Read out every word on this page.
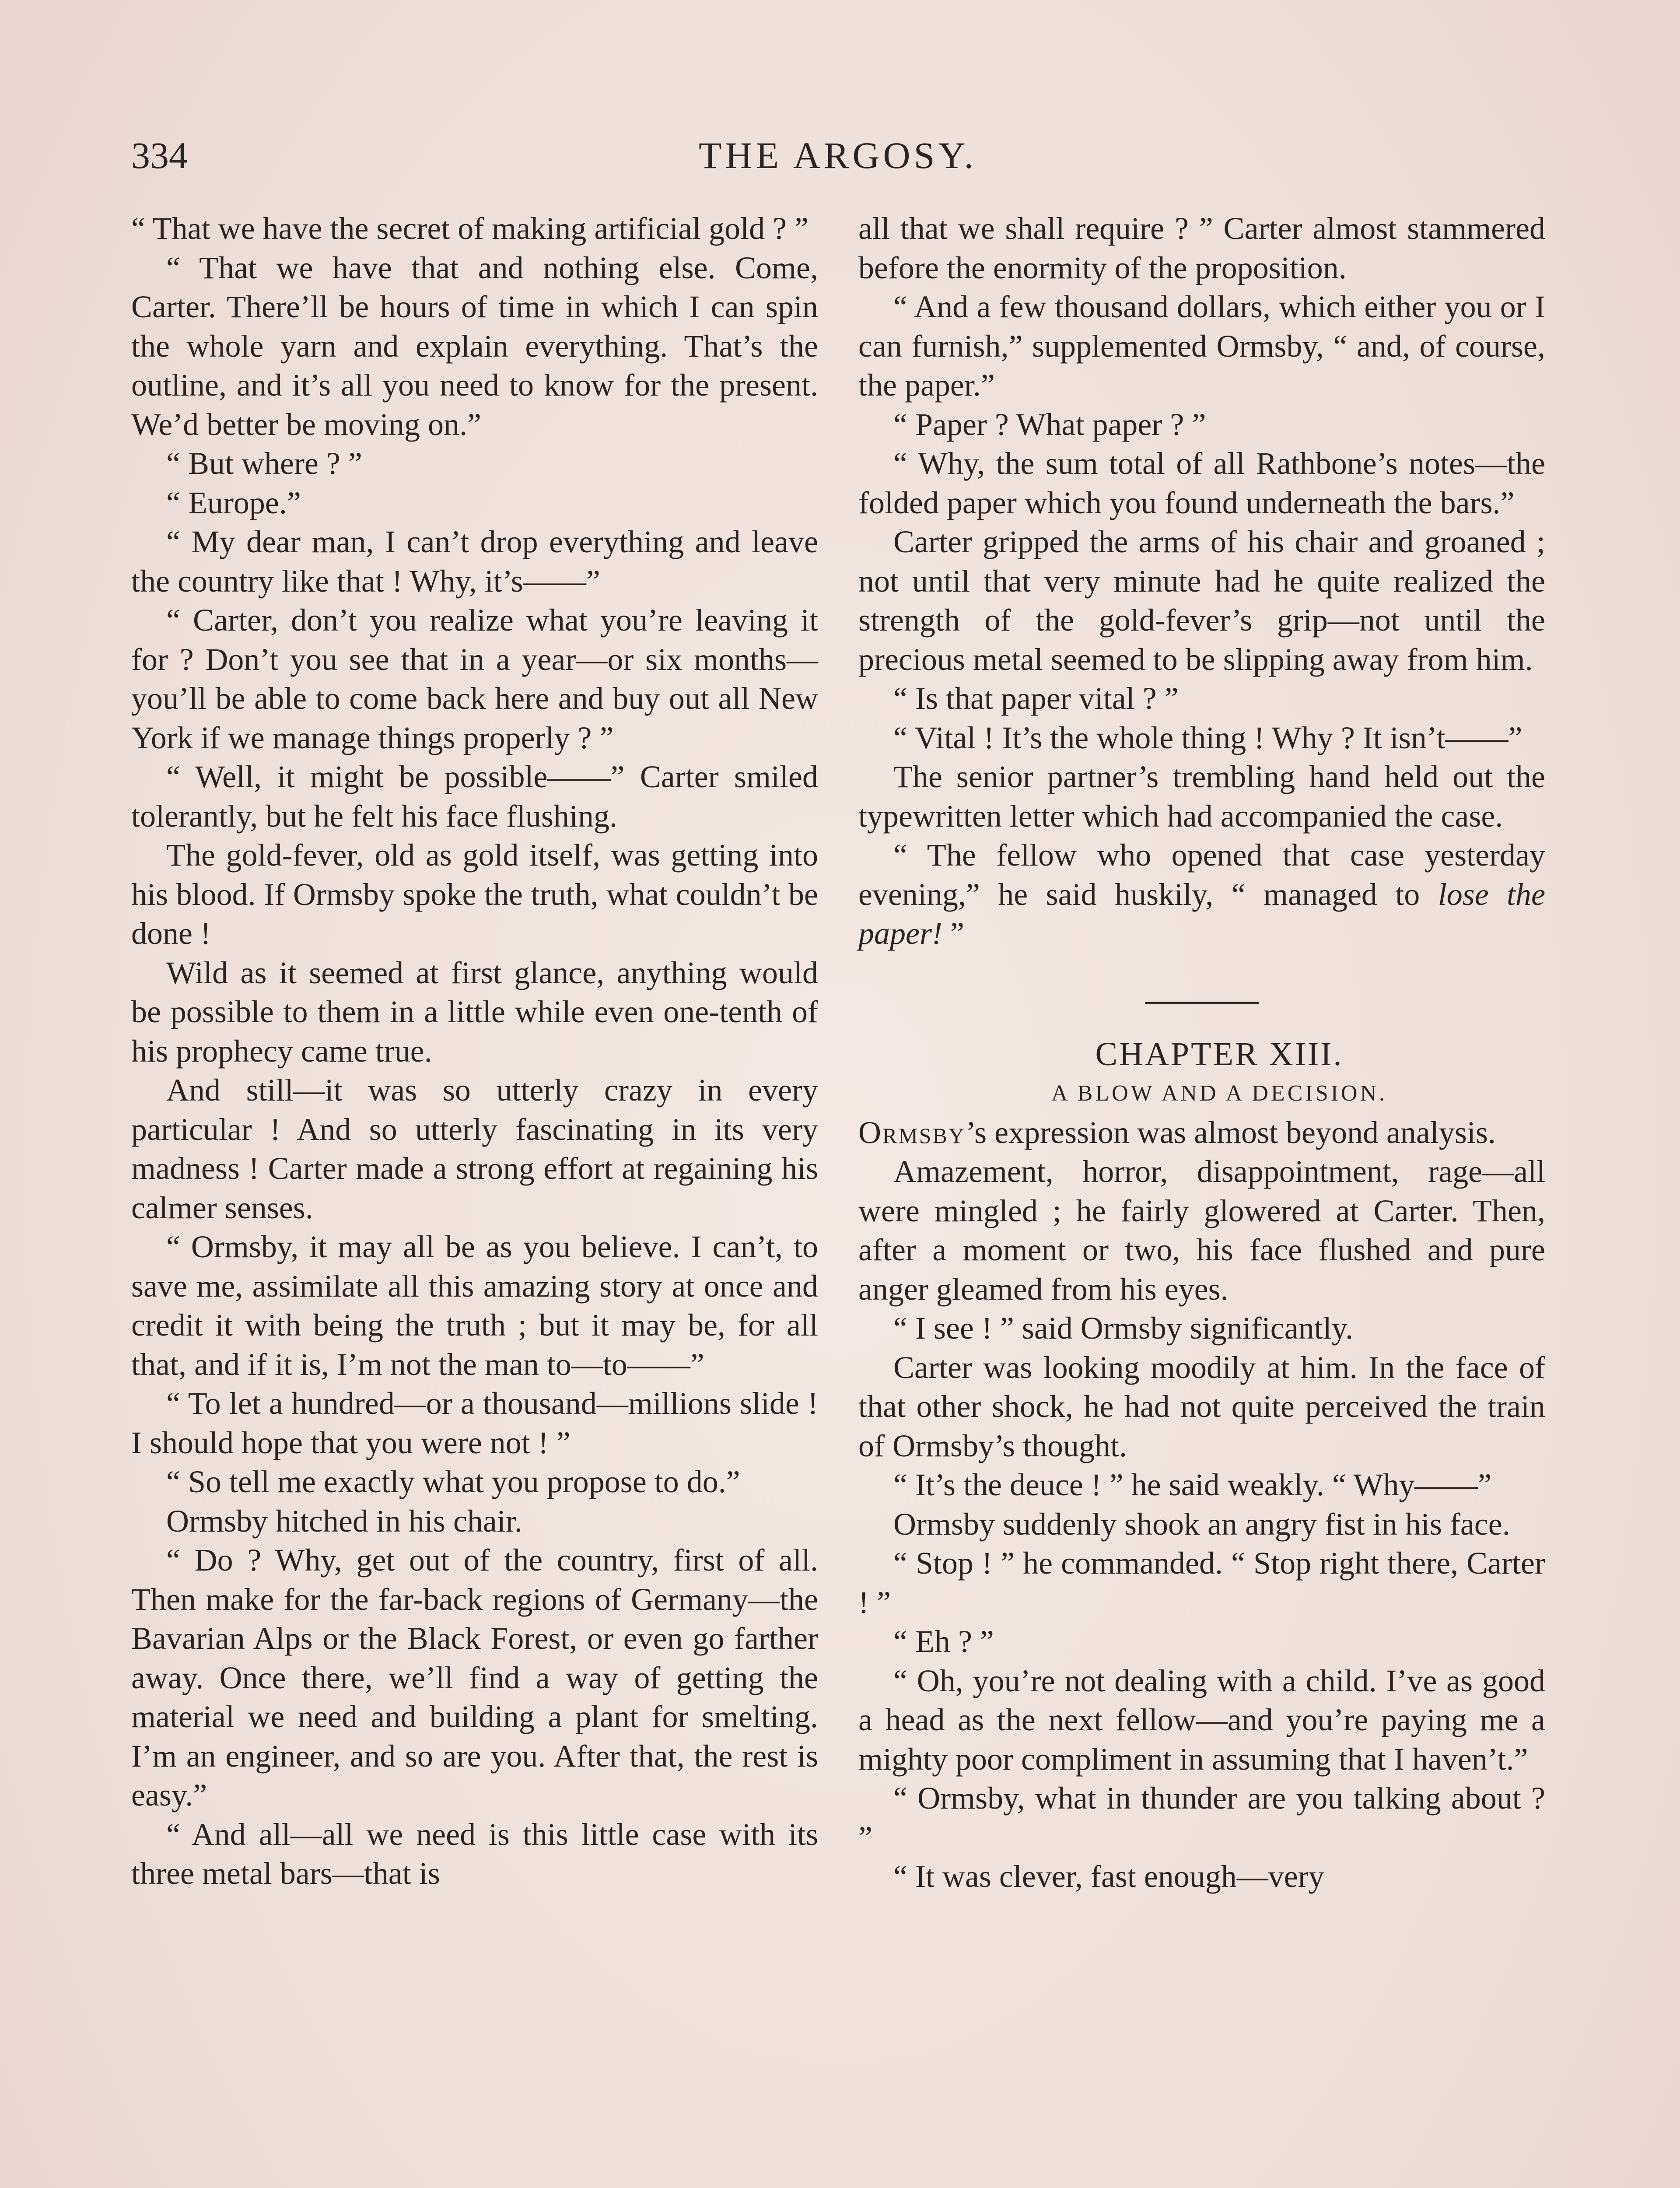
334	THE ARGOSY.

“ That we have the secret of making artificial gold ? ”

“ That we have that and nothing else. Come, Carter. There’ll be hours of time in which I can spin the whole yarn and explain everything. That’s the outline, and it’s all you need to know for the present. We’d better be moving on.”

“ But where ? ”

“ Europe.”

“ My dear man, I can’t drop everything and leave the country like that ! Why, it’s——”

“ Carter, don’t you realize what you’re leaving it for ? Don’t you see that in a year—or six months—you’ll be able to come back here and buy out all New York if we manage things properly ? ”

“ Well, it might be possible——” Carter smiled tolerantly, but he felt his face flushing.

The gold-fever, old as gold itself, was getting into his blood. If Ormsby spoke the truth, what couldn’t be done !

Wild as it seemed at first glance, anything would be possible to them in a little while even one-tenth of his prophecy came true.

And still—it was so utterly crazy in every particular ! And so utterly fascinating in its very madness ! Carter made a strong effort at regaining his calmer senses.

“ Ormsby, it may all be as you believe. I can’t, to save me, assimilate all this amazing story at once and credit it with being the truth ; but it may be, for all that, and if it is, I’m not the man to—to——”

“ To let a hundred—or a thousand—millions slide ! I should hope that you were not ! ”

“ So tell me exactly what you propose to do.”

Ormsby hitched in his chair.

“ Do ? Why, get out of the country, first of all. Then make for the far-back regions of Germany—the Bavarian Alps or the Black Forest, or even go farther away. Once there, we’ll find a way of getting the material we need and building a plant for smelting. I’m an engineer, and so are you. After that, the rest is easy.”

“ And all—all we need is this little case with its three metal bars—that is

all that we shall require ? ” Carter almost stammered before the enormity of the proposition.

“ And a few thousand dollars, which either you or I can furnish,” supplemented Ormsby, “ and, of course, the paper.”

“ Paper ? What paper ? ”

“ Why, the sum total of all Rathbone’s notes—the folded paper which you found underneath the bars.”

Carter gripped the arms of his chair and groaned ; not until that very minute had he quite realized the strength of the gold-fever’s grip—not until the precious metal seemed to be slipping away from him.

“ Is that paper vital ? ”

“ Vital ! It’s the whole thing ! Why ? It isn’t——”

The senior partner’s trembling hand held out the typewritten letter which had accompanied the case.

“ The fellow who opened that case yesterday evening,” he said huskily, “ managed to lose the paper! ”

CHAPTER XIII.

A BLOW AND A DECISION.

Ormsby’s expression was almost beyond analysis.

Amazement, horror, disappointment, rage—all were mingled ; he fairly glowered at Carter. Then, after a moment or two, his face flushed and pure anger gleamed from his eyes.

“ I see ! ” said Ormsby significantly.

Carter was looking moodily at him. In the face of that other shock, he had not quite perceived the train of Ormsby’s thought.

“ It’s the deuce ! ” he said weakly. “ Why——”

Ormsby suddenly shook an angry fist in his face.

“ Stop ! ” he commanded. “ Stop right there, Carter ! ”

“ Eh ? ”

“ Oh, you’re not dealing with a child. I’ve as good a head as the next fellow—and you’re paying me a mighty poor compliment in assuming that I haven’t.”

“ Ormsby, what in thunder are you talking about ? ”

“ It was clever, fast enough—very
